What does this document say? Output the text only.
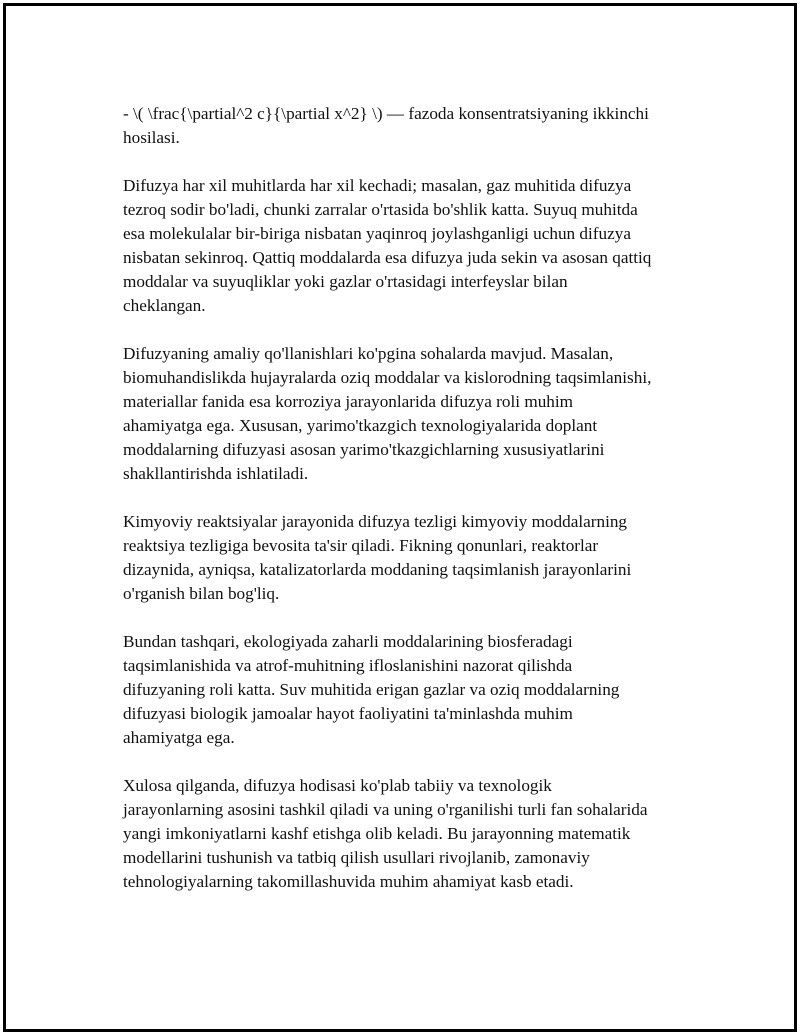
- \( \frac{\partial^2 c}{\partial x^2} \) — fazoda konsentratsiyaning ikkinchi
hosilasi.

Difuzya har xil muhitlarda har xil kechadi; masalan, gaz muhitida difuzya
tezroq sodir bo'ladi, chunki zarralar o'rtasida bo'shlik katta. Suyuq muhitda
esa molekulalar bir-biriga nisbatan yaqinroq joylashganligi uchun difuzya
nisbatan sekinroq. Qattiq moddalarda esa difuzya juda sekin va asosan qattiq
moddalar va suyuqliklar yoki gazlar o'rtasidagi interfeyslar bilan
cheklangan.

Difuzyaning amaliy qo'llanishlari ko'pgina sohalarda mavjud. Masalan,
biomuhandislikda hujayralarda oziq moddalar va kislorodning taqsimlanishi,
materiallar fanida esa korroziya jarayonlarida difuzya roli muhim
ahamiyatga ega. Xususan, yarimo'tkazgich texnologiyalarida doplant
moddalarning difuzyasi asosan yarimo'tkazgichlarning xususiyatlarini
shakllantirishda ishlatiladi.

Kimyoviy reaktsiyalar jarayonida difuzya tezligi kimyoviy moddalarning
reaktsiya tezligiga bevosita ta'sir qiladi. Fikning qonunlari, reaktorlar
dizaynida, ayniqsa, katalizatorlarda moddaning taqsimlanish jarayonlarini
o'rganish bilan bog'liq.

Bundan tashqari, ekologiyada zaharli moddalarining biosferadagi
taqsimlanishida va atrof-muhitning ifloslanishini nazorat qilishda
difuzyaning roli katta. Suv muhitida erigan gazlar va oziq moddalarning
difuzyasi biologik jamoalar hayot faoliyatini ta'minlashda muhim
ahamiyatga ega.

Xulosa qilganda, difuzya hodisasi ko'plab tabiiy va texnologik
jarayonlarning asosini tashkil qiladi va uning o'rganilishi turli fan sohalarida
yangi imkoniyatlarni kashf etishga olib keladi. Bu jarayonning matematik
modellarini tushunish va tatbiq qilish usullari rivojlanib, zamonaviy
tehnologiyalarning takomillashuvida muhim ahamiyat kasb etadi.
